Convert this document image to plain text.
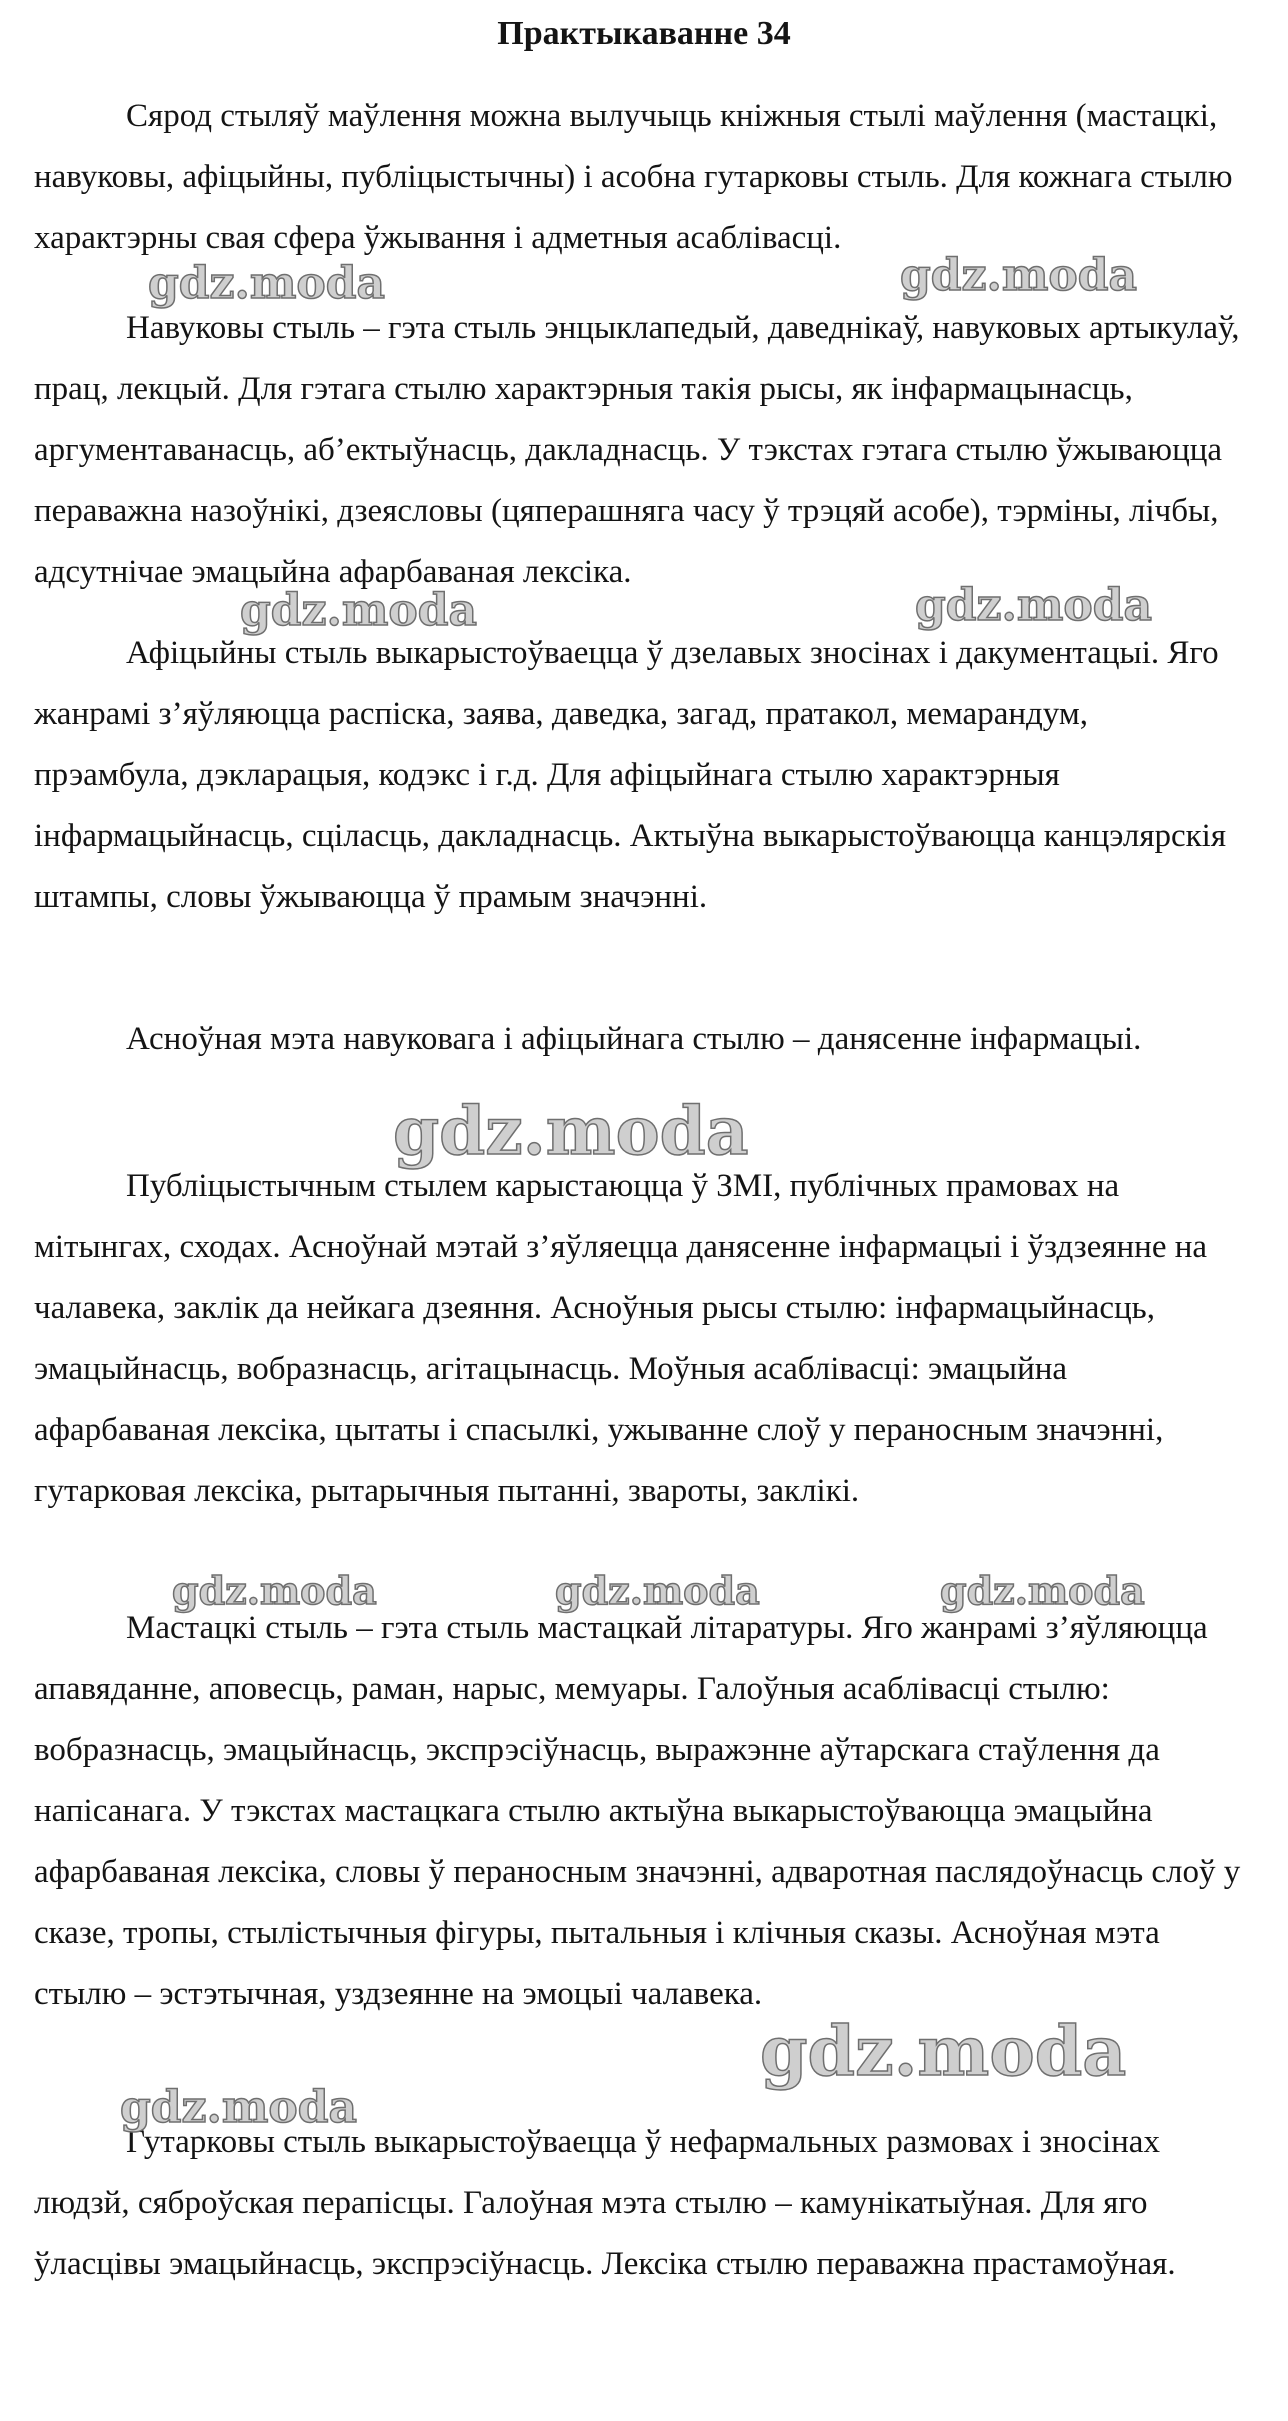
Практыкаванне 34

Сярод стыляў маўлення можна вылучыць кніжныя стылі маўлення (мастацкі, навуковы, афіцыйны, публіцыстычны) і асобна гутарковы стыль. Для кожнага стылю характэрны свая сфера ўжывання і адметныя асаблівасці.

Навуковы стыль – гэта стыль энцыклапедый, даведнікаў, навуковых артыкулаў, прац, лекцый. Для гэтага стылю характэрныя такія рысы, як інфармацынасць, аргументаванасць, аб’ектыўнасць, дакладнасць. У тэкстах гэтага стылю ўжываюцца пераважна назоўнікі, дзеясловы (цяперашняга часу ў трэцяй асобе), тэрміны, лічбы, адсутнічае эмацыйна афарбаваная лексіка.

Афіцыйны стыль выкарыстоўваецца ў дзелавых зносінах і дакументацыі. Яго жанрамі з’яўляюцца распіска, заява, даведка, загад, пратакол, мемарандум, прэамбула, дэкларацыя, кодэкс і г.д. Для афіцыйнага стылю характэрныя інфармацыйнасць, сціласць, дакладнасць. Актыўна выкарыстоўваюцца канцэлярскія штампы, словы ўжываюцца ў прамым значэнні.

Асноўная мэта навуковага і афіцыйнага стылю – данясенне інфармацыі.

Публіцыстычным стылем карыстаюцца ў ЗМІ, публічных прамовах на мітынгах, сходах. Асноўнай мэтай з’яўляецца данясенне інфармацыі і ўздзеянне на чалавека, заклік да нейкага дзеяння. Асноўныя рысы стылю: інфармацыйнасць, эмацыйнасць, вобразнасць, агітацынасць. Моўныя асаблівасці: эмацыйна афарбаваная лексіка, цытаты і спасылкі, ужыванне слоў у пераносным значэнні, гутарковая лексіка, рытарычныя пытанні, звароты, заклікі.

Мастацкі стыль – гэта стыль мастацкай літаратуры. Яго жанрамі з’яўляюцца апавяданне, аповесць, раман, нарыс, мемуары. Галоўныя асаблівасці стылю: вобразнасць, эмацыйнасць, экспрэсіўнасць, выражэнне аўтарскага стаўлення да напісанага. У тэкстах мастацкага стылю актыўна выкарыстоўваюцца эмацыйна афарбаваная лексіка, словы ў пераносным значэнні, адваротная паслядоўнасць слоў у сказе, тропы, стылістычныя фігуры, пытальныя і клічныя сказы. Асноўная мэта стылю – эстэтычная, уздзеянне на эмоцыі чалавека.

Гутарковы стыль выкарыстоўваецца ў нефармальных размовах і зносінах людзй, сяброўская перапісцы. Галоўная мэта стылю – камунікатыўная. Для яго ўласцівы эмацыйнасць, экспрэсіўнасць. Лексіка стылю пераважна прастамоўная.

gdz.moda	gdz.moda
gdz.moda	gdz.moda
gdz.moda
gdz.moda	gdz.moda	gdz.moda
gdz.moda
gdz.moda
